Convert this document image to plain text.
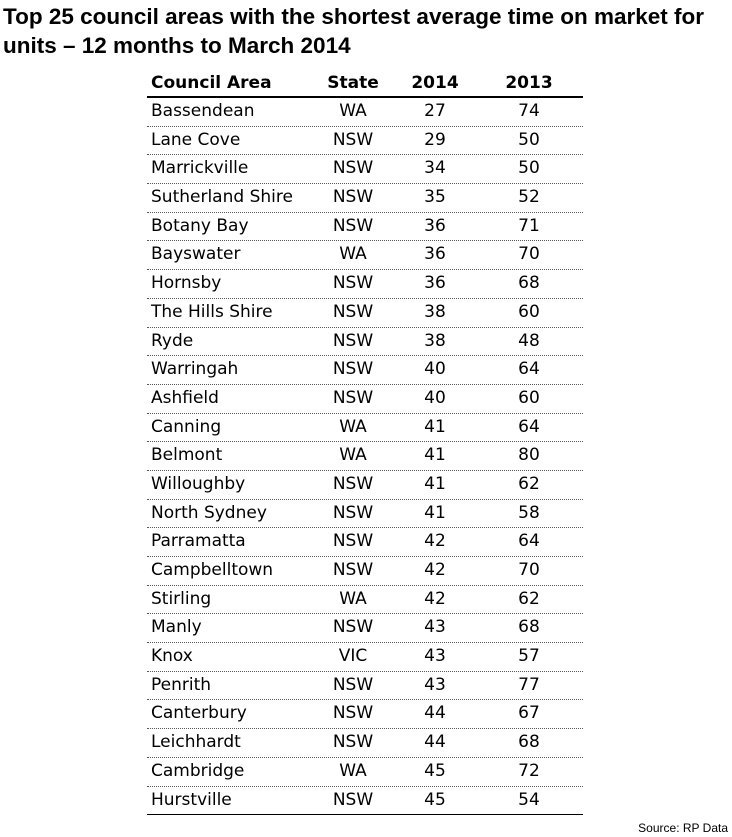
Top 25 council areas with the shortest average time on market for units – 12 months to March 2014
Council Area	State	2014	2013
Bassendean	WA	27	74
Lane Cove	NSW	29	50
Marrickville	NSW	34	50
Sutherland Shire	NSW	35	52
Botany Bay	NSW	36	71
Bayswater	WA	36	70
Hornsby	NSW	36	68
The Hills Shire	NSW	38	60
Ryde	NSW	38	48
Warringah	NSW	40	64
Ashfield	NSW	40	60
Canning	WA	41	64
Belmont	WA	41	80
Willoughby	NSW	41	62
North Sydney	NSW	41	58
Parramatta	NSW	42	64
Campbelltown	NSW	42	70
Stirling	WA	42	62
Manly	NSW	43	68
Knox	VIC	43	57
Penrith	NSW	43	77
Canterbury	NSW	44	67
Leichhardt	NSW	44	68
Cambridge	WA	45	72
Hurstville	NSW	45	54
Source: RP Data
